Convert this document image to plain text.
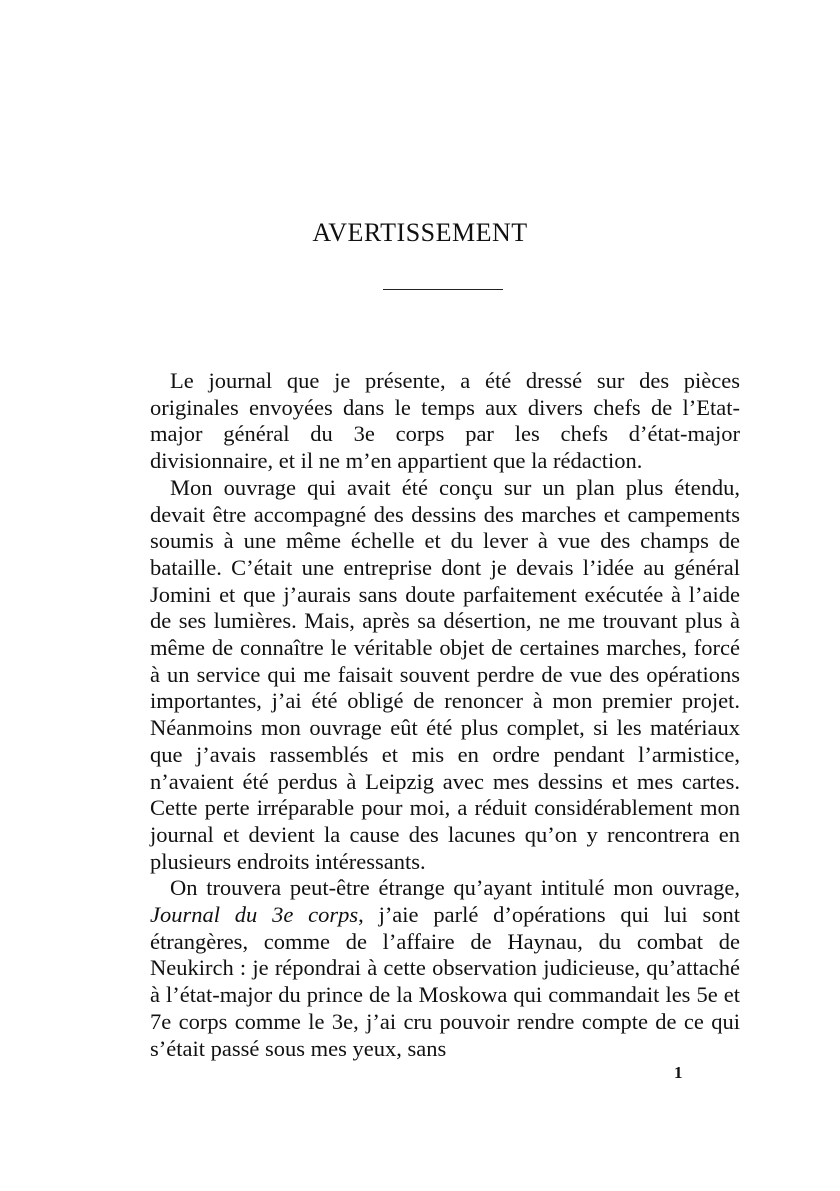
AVERTISSEMENT

Le journal que je présente, a été dressé sur des pièces originales envoyées dans le temps aux divers chefs de l’Etat-major général du 3e corps par les chefs d’état-major divisionnaire, et il ne m’en appartient que la rédaction.

Mon ouvrage qui avait été conçu sur un plan plus étendu, devait être accompagné des dessins des marches et campements soumis à une même échelle et du lever à vue des champs de bataille. C’était une entreprise dont je devais l’idée au général Jomini et que j’aurais sans doute parfaitement exécutée à l’aide de ses lumières. Mais, après sa désertion, ne me trouvant plus à même de connaître le véritable objet de certaines marches, forcé à un service qui me faisait souvent perdre de vue des opérations importantes, j’ai été obligé de renoncer à mon premier projet. Néanmoins mon ouvrage eût été plus complet, si les matériaux que j’avais rassemblés et mis en ordre pendant l’armistice, n’avaient été perdus à Leipzig avec mes dessins et mes cartes. Cette perte irréparable pour moi, a réduit considérablement mon journal et devient la cause des lacunes qu’on y rencontrera en plusieurs endroits intéressants.

On trouvera peut-être étrange qu’ayant intitulé mon ouvrage, Journal du 3e corps, j’aie parlé d’opérations qui lui sont étrangères, comme de l’affaire de Haynau, du combat de Neukirch : je répondrai à cette observation judicieuse, qu’attaché à l’état-major du prince de la Moskowa qui commandait les 5e et 7e corps comme le 3e, j’ai cru pouvoir rendre compte de ce qui s’était passé sous mes yeux, sans

1
